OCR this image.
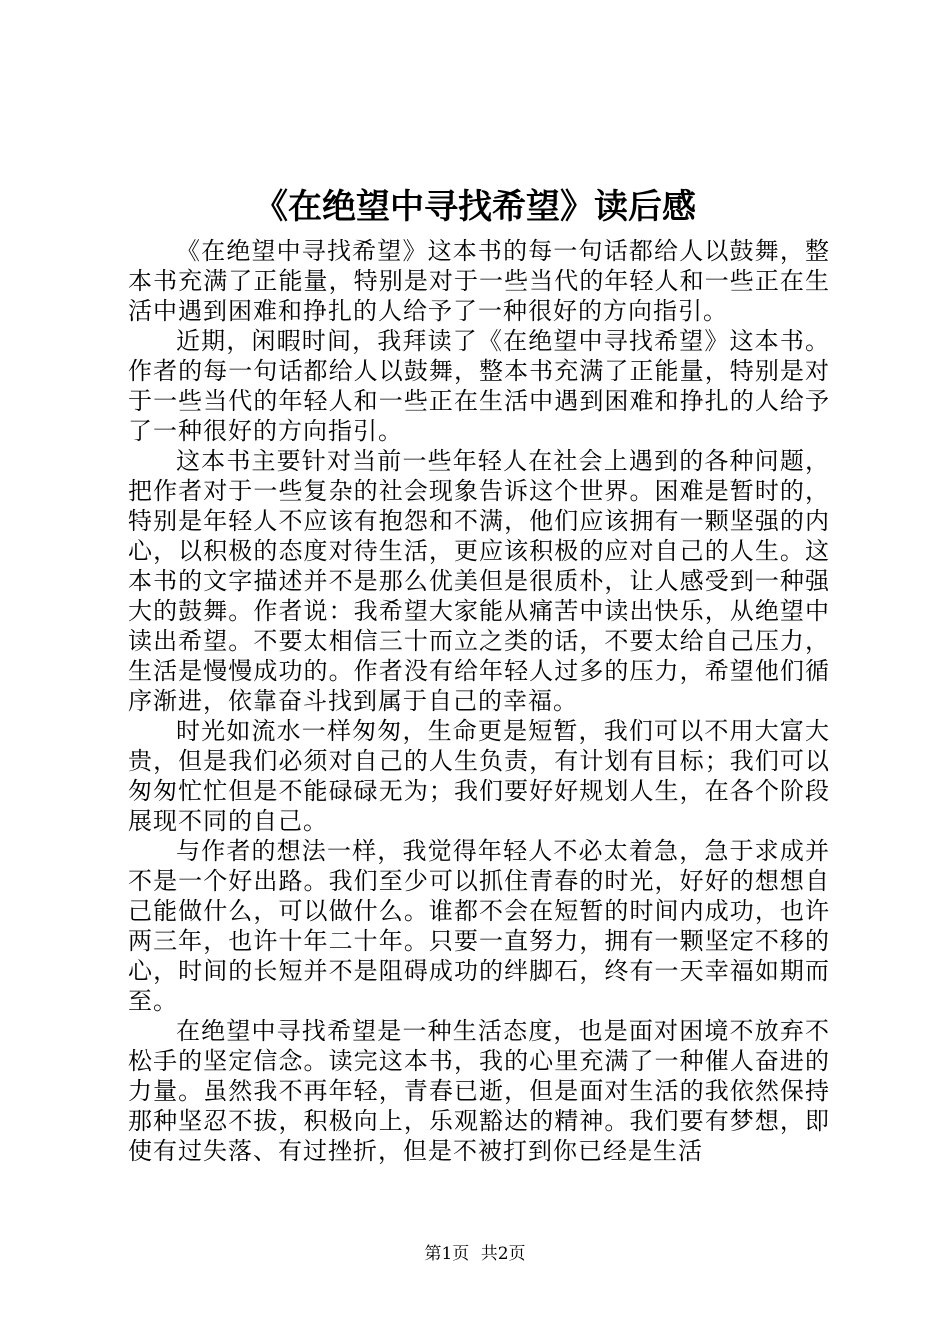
《在绝望中寻找希望》读后感

《在绝望中寻找希望》这本书的每一句话都给人以鼓舞，整本书充满了正能量，特别是对于一些当代的年轻人和一些正在生活中遇到困难和挣扎的人给予了一种很好的方向指引。

近期，闲暇时间，我拜读了《在绝望中寻找希望》这本书。作者的每一句话都给人以鼓舞，整本书充满了正能量，特别是对于一些当代的年轻人和一些正在生活中遇到困难和挣扎的人给予了一种很好的方向指引。

这本书主要针对当前一些年轻人在社会上遇到的各种问题，把作者对于一些复杂的社会现象告诉这个世界。困难是暂时的，特别是年轻人不应该有抱怨和不满，他们应该拥有一颗坚强的内心，以积极的态度对待生活，更应该积极的应对自己的人生。这本书的文字描述并不是那么优美但是很质朴，让人感受到一种强大的鼓舞。作者说：我希望大家能从痛苦中读出快乐，从绝望中读出希望。不要太相信三十而立之类的话，不要太给自己压力，生活是慢慢成功的。作者没有给年轻人过多的压力，希望他们循序渐进，依靠奋斗找到属于自己的幸福。

时光如流水一样匆匆，生命更是短暂，我们可以不用大富大贵，但是我们必须对自己的人生负责，有计划有目标；我们可以匆匆忙忙但是不能碌碌无为；我们要好好规划人生，在各个阶段展现不同的自己。

与作者的想法一样，我觉得年轻人不必太着急，急于求成并不是一个好出路。我们至少可以抓住青春的时光，好好的想想自己能做什么，可以做什么。谁都不会在短暂的时间内成功，也许两三年，也许十年二十年。只要一直努力，拥有一颗坚定不移的心，时间的长短并不是阻碍成功的绊脚石，终有一天幸福如期而至。

在绝望中寻找希望是一种生活态度，也是面对困境不放弃不松手的坚定信念。读完这本书，我的心里充满了一种催人奋进的力量。虽然我不再年轻，青春已逝，但是面对生活的我依然保持那种坚忍不拔，积极向上，乐观豁达的精神。我们要有梦想，即使有过失落、有过挫折，但是不被打到你已经是生活

第1页 共2页
